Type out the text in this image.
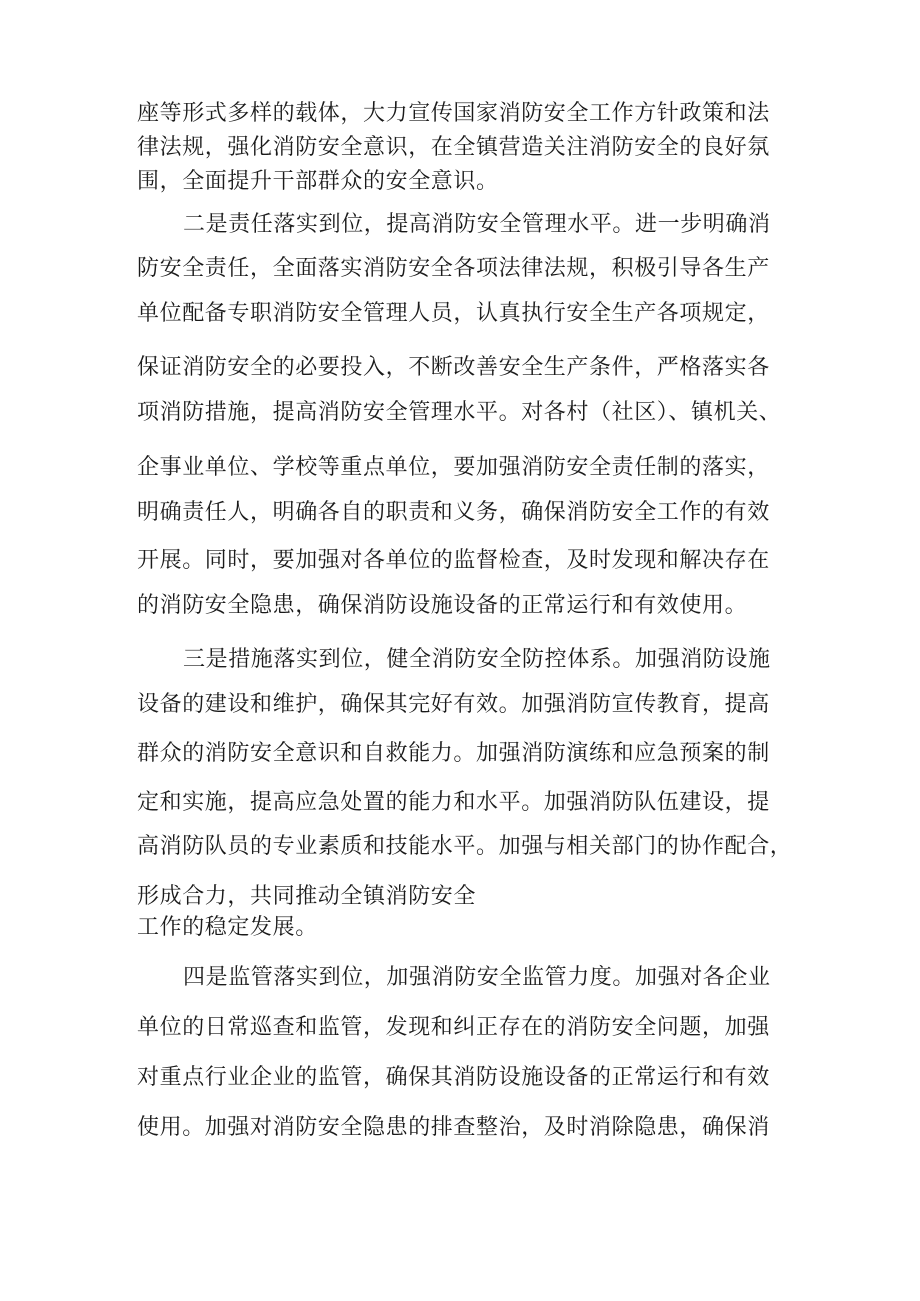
座等形式多样的载体，大力宣传国家消防安全工作方针政策和法
律法规，强化消防安全意识，在全镇营造关注消防安全的良好氛
围，全面提升干部群众的安全意识。
二是责任落实到位，提高消防安全管理水平。进一步明确消
防安全责任，全面落实消防安全各项法律法规，积极引导各生产
单位配备专职消防安全管理人员，认真执行安全生产各项规定，
保证消防安全的必要投入，不断改善安全生产条件，严格落实各
项消防措施，提高消防安全管理水平。对各村（社区）、镇机关、
企事业单位、学校等重点单位，要加强消防安全责任制的落实，
明确责任人，明确各自的职责和义务，确保消防安全工作的有效
开展。同时，要加强对各单位的监督检查，及时发现和解决存在
的消防安全隐患，确保消防设施设备的正常运行和有效使用。
三是措施落实到位，健全消防安全防控体系。加强消防设施
设备的建设和维护，确保其完好有效。加强消防宣传教育，提高
群众的消防安全意识和自救能力。加强消防演练和应急预案的制
定和实施，提高应急处置的能力和水平。加强消防队伍建设，提
高消防队员的专业素质和技能水平。加强与相关部门的协作配合，
形成合力，共同推动全镇消防安全
工作的稳定发展。
四是监管落实到位，加强消防安全监管力度。加强对各企业
单位的日常巡查和监管，发现和纠正存在的消防安全问题，加强
对重点行业企业的监管，确保其消防设施设备的正常运行和有效
使用。加强对消防安全隐患的排查整治，及时消除隐患，确保消
